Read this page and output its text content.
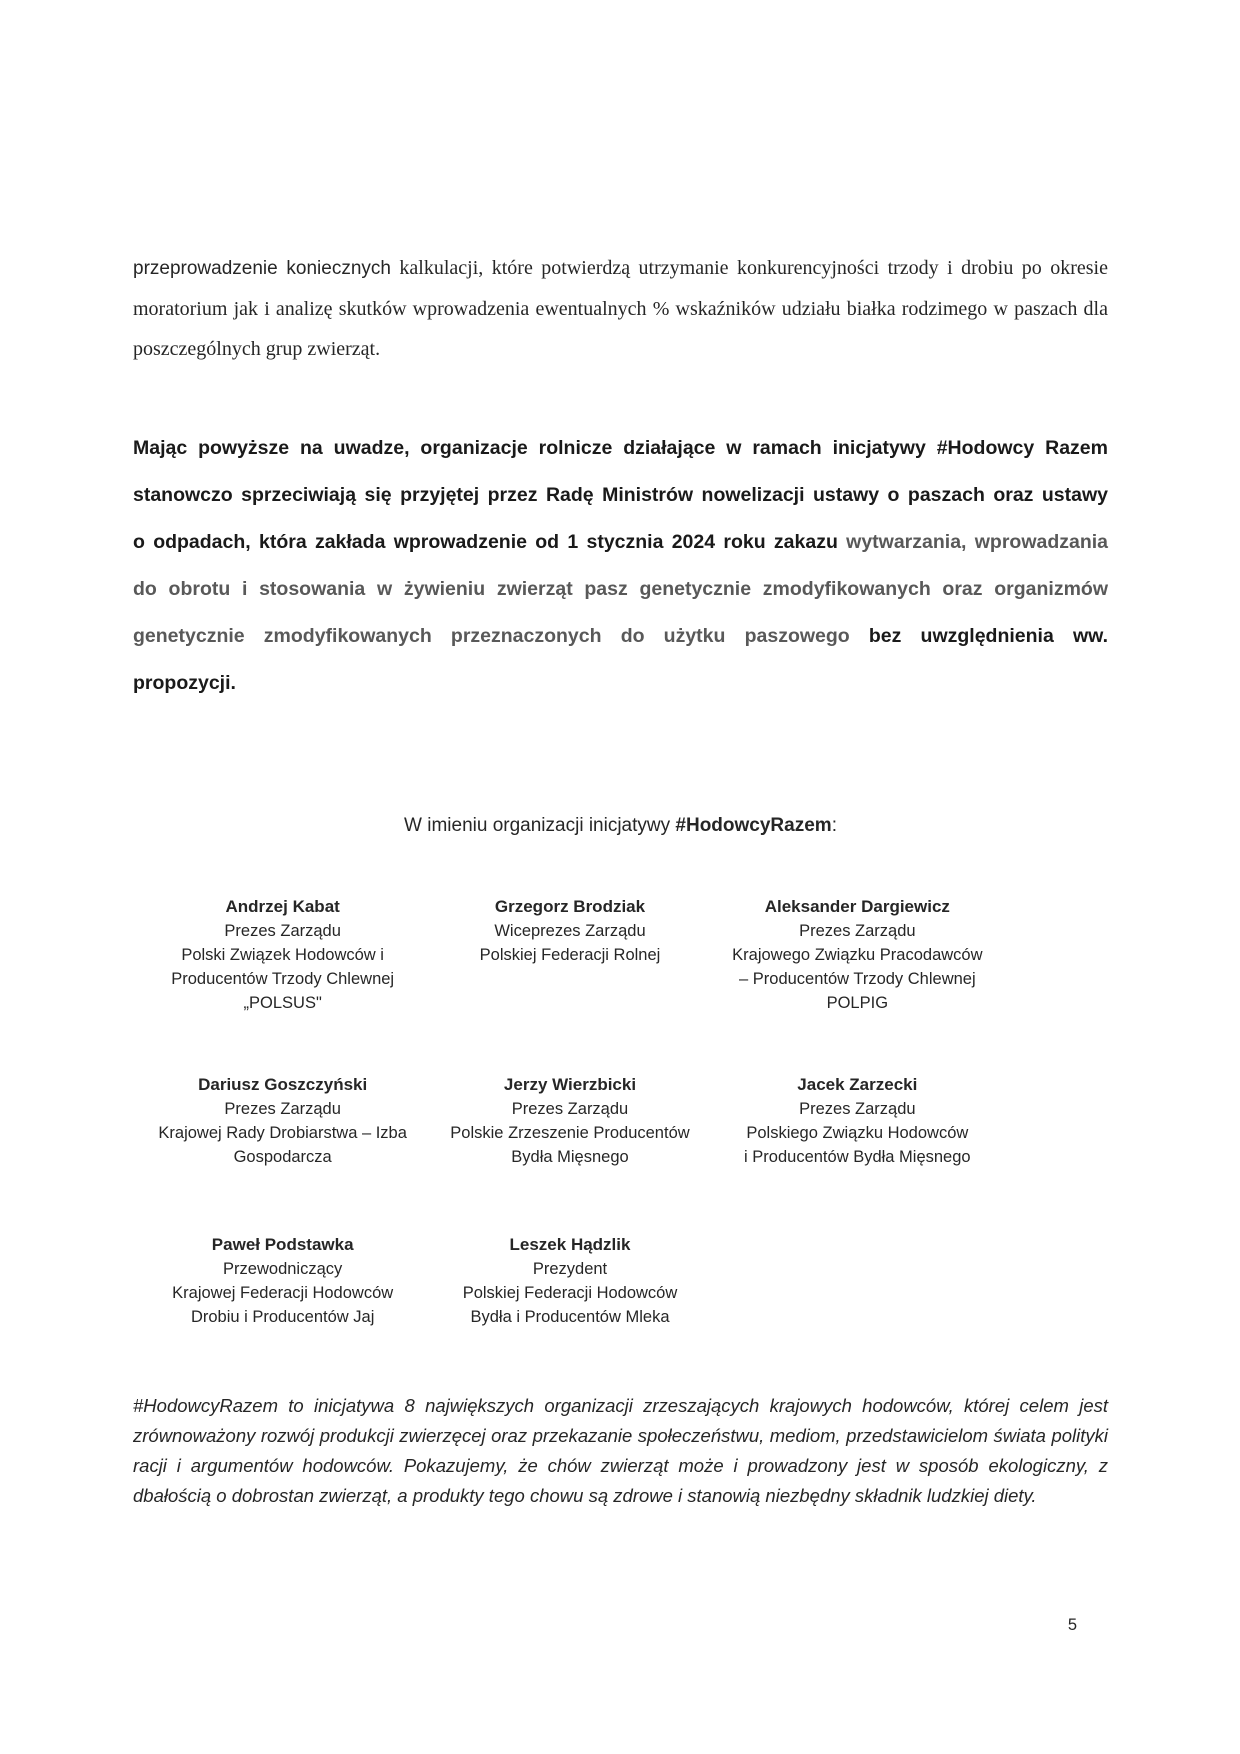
przeprowadzenie koniecznych kalkulacji, które potwierdzą utrzymanie konkurencyjności trzody i drobiu po okresie moratorium jak i analizę skutków wprowadzenia ewentualnych % wskaźników udziału białka rodzimego w paszach dla poszczególnych grup zwierząt.

Mając powyższe na uwadze, organizacje rolnicze działające w ramach inicjatywy #Hodowcy Razem stanowczo sprzeciwiają się przyjętej przez Radę Ministrów nowelizacji ustawy o paszach oraz ustawy o odpadach, która zakłada wprowadzenie od 1 stycznia 2024 roku zakazu wytwarzania, wprowadzania do obrotu i stosowania w żywieniu zwierząt pasz genetycznie zmodyfikowanych oraz organizmów genetycznie zmodyfikowanych przeznaczonych do użytku paszowego bez uwzględnienia ww. propozycji.

W imieniu organizacji inicjatywy #HodowcyRazem:

Andrzej Kabat
Prezes Zarządu
Polski Związek Hodowców i
Producentów Trzody Chlewnej
„POLSUS"
Grzegorz Brodziak
Wiceprezes Zarządu
Polskiej Federacji Rolnej
Aleksander Dargiewicz
Prezes Zarządu
Krajowego Związku Pracodawców
– Producentów Trzody Chlewnej
POLPIG
Dariusz Goszczyński
Prezes Zarządu
Krajowej Rady Drobiarstwa – Izba
Gospodarcza
Jerzy Wierzbicki
Prezes Zarządu
Polskie Zrzeszenie Producentów
Bydła Mięsnego
Jacek Zarzecki
Prezes Zarządu
Polskiego Związku Hodowców
i Producentów Bydła Mięsnego
Paweł Podstawka
Przewodniczący
Krajowej Federacji Hodowców
Drobiu i Producentów Jaj
Leszek Hądzlik
Prezydent
Polskiej Federacji Hodowców
Bydła i Producentów Mleka

#HodowcyRazem to inicjatywa 8 największych organizacji zrzeszających krajowych hodowców, której celem jest zrównoważony rozwój produkcji zwierzęcej oraz przekazanie społeczeństwu, mediom, przedstawicielom świata polityki racji i argumentów hodowców. Pokazujemy, że chów zwierząt może i prowadzony jest w sposób ekologiczny, z dbałością o dobrostan zwierząt, a produkty tego chowu są zdrowe i stanowią niezbędny składnik ludzkiej diety.

5
